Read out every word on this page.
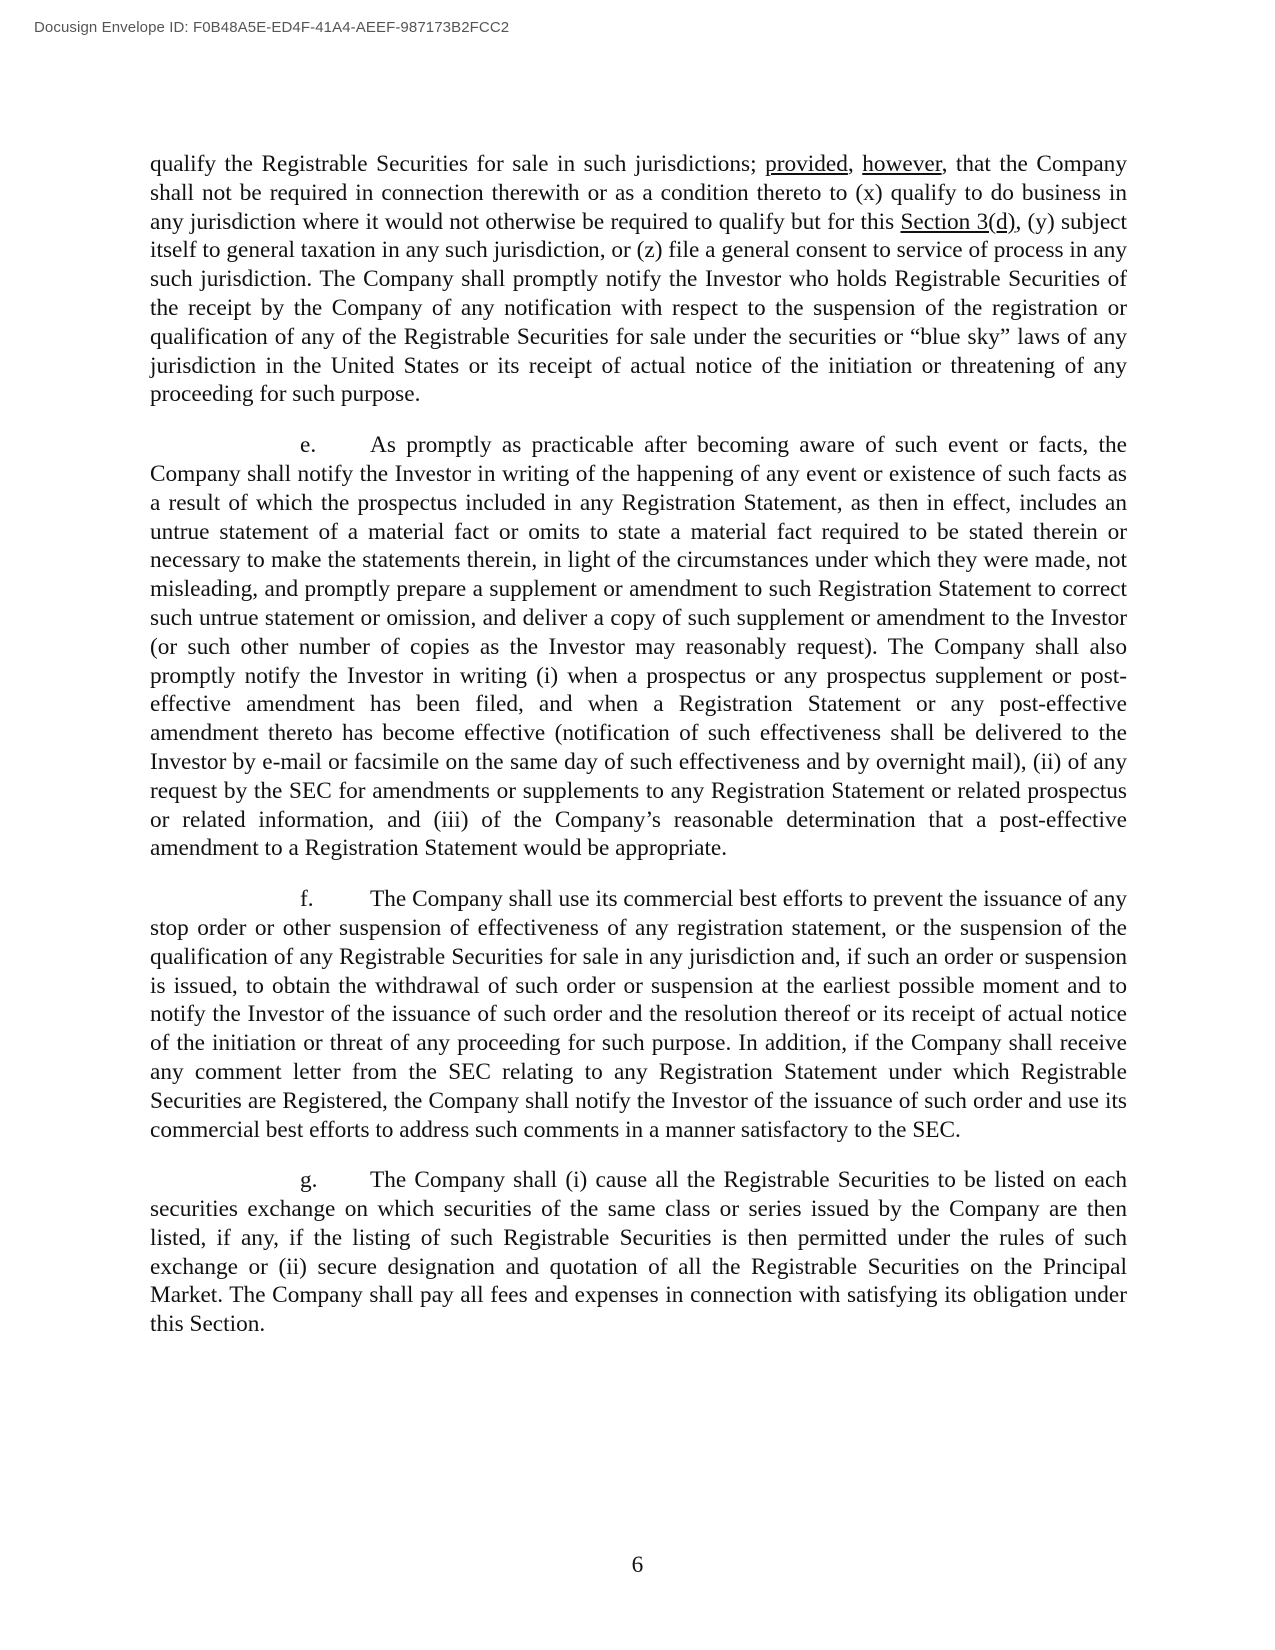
Docusign Envelope ID: F0B48A5E-ED4F-41A4-AEEF-987173B2FCC2

qualify the Registrable Securities for sale in such jurisdictions; provided, however, that the Company shall not be required in connection therewith or as a condition thereto to (x) qualify to do business in any jurisdiction where it would not otherwise be required to qualify but for this Section 3(d), (y) subject itself to general taxation in any such jurisdiction, or (z) file a general consent to service of process in any such jurisdiction. The Company shall promptly notify the Investor who holds Registrable Securities of the receipt by the Company of any notification with respect to the suspension of the registration or qualification of any of the Registrable Securities for sale under the securities or “blue sky” laws of any jurisdiction in the United States or its receipt of actual notice of the initiation or threatening of any proceeding for such purpose.

e. As promptly as practicable after becoming aware of such event or facts, the Company shall notify the Investor in writing of the happening of any event or existence of such facts as a result of which the prospectus included in any Registration Statement, as then in effect, includes an untrue statement of a material fact or omits to state a material fact required to be stated therein or necessary to make the statements therein, in light of the circumstances under which they were made, not misleading, and promptly prepare a supplement or amendment to such Registration Statement to correct such untrue statement or omission, and deliver a copy of such supplement or amendment to the Investor (or such other number of copies as the Investor may reasonably request). The Company shall also promptly notify the Investor in writing (i) when a prospectus or any prospectus supplement or post-effective amendment has been filed, and when a Registration Statement or any post-effective amendment thereto has become effective (notification of such effectiveness shall be delivered to the Investor by e-mail or facsimile on the same day of such effectiveness and by overnight mail), (ii) of any request by the SEC for amendments or supplements to any Registration Statement or related prospectus or related information, and (iii) of the Company’s reasonable determination that a post-effective amendment to a Registration Statement would be appropriate.

f. The Company shall use its commercial best efforts to prevent the issuance of any stop order or other suspension of effectiveness of any registration statement, or the suspension of the qualification of any Registrable Securities for sale in any jurisdiction and, if such an order or suspension is issued, to obtain the withdrawal of such order or suspension at the earliest possible moment and to notify the Investor of the issuance of such order and the resolution thereof or its receipt of actual notice of the initiation or threat of any proceeding for such purpose. In addition, if the Company shall receive any comment letter from the SEC relating to any Registration Statement under which Registrable Securities are Registered, the Company shall notify the Investor of the issuance of such order and use its commercial best efforts to address such comments in a manner satisfactory to the SEC.

g. The Company shall (i) cause all the Registrable Securities to be listed on each securities exchange on which securities of the same class or series issued by the Company are then listed, if any, if the listing of such Registrable Securities is then permitted under the rules of such exchange or (ii) secure designation and quotation of all the Registrable Securities on the Principal Market. The Company shall pay all fees and expenses in connection with satisfying its obligation under this Section.

6
